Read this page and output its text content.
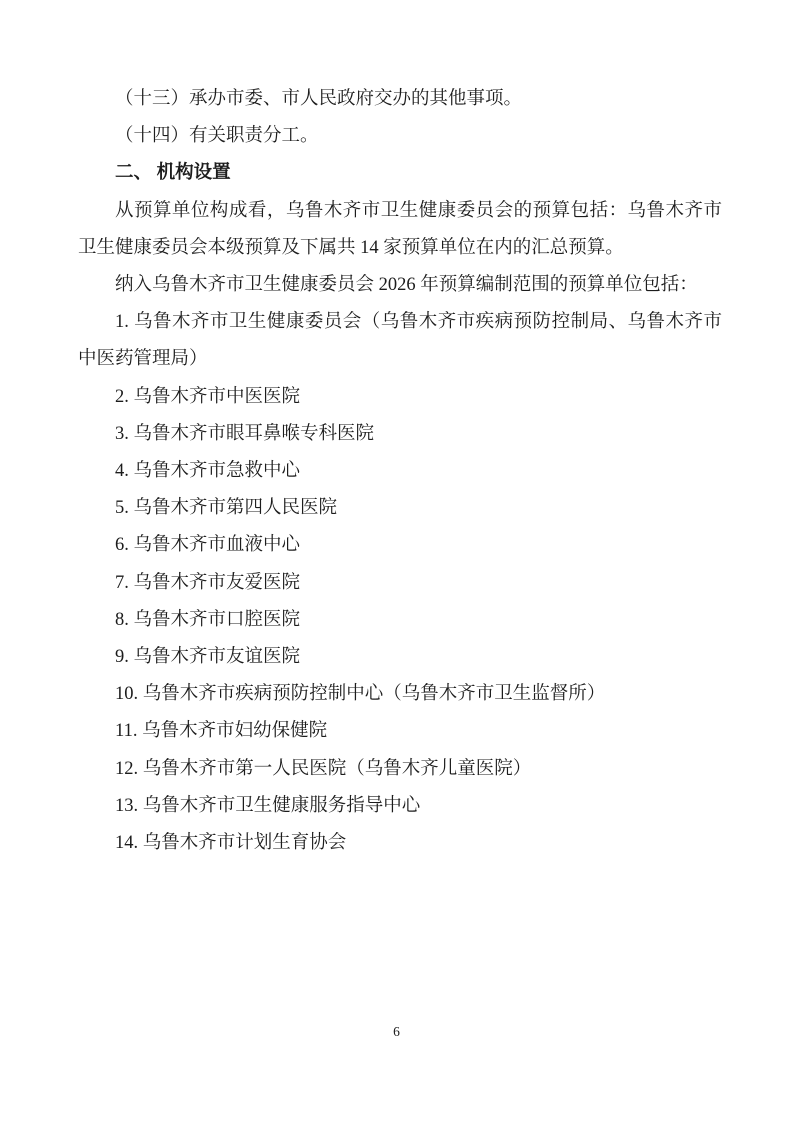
（十三）承办市委、市人民政府交办的其他事项。

（十四）有关职责分工。

二、 机构设置

从预算单位构成看，乌鲁木齐市卫生健康委员会的预算包括：乌鲁木齐市卫生健康委员会本级预算及下属共 14 家预算单位在内的汇总预算。

纳入乌鲁木齐市卫生健康委员会 2026 年预算编制范围的预算单位包括：

1. 乌鲁木齐市卫生健康委员会（乌鲁木齐市疾病预防控制局、乌鲁木齐市中医药管理局）

2. 乌鲁木齐市中医医院

3. 乌鲁木齐市眼耳鼻喉专科医院

4. 乌鲁木齐市急救中心

5. 乌鲁木齐市第四人民医院

6. 乌鲁木齐市血液中心

7. 乌鲁木齐市友爱医院

8. 乌鲁木齐市口腔医院

9. 乌鲁木齐市友谊医院

10. 乌鲁木齐市疾病预防控制中心（乌鲁木齐市卫生监督所）

11. 乌鲁木齐市妇幼保健院

12. 乌鲁木齐市第一人民医院（乌鲁木齐儿童医院）

13. 乌鲁木齐市卫生健康服务指导中心

14. 乌鲁木齐市计划生育协会

6
